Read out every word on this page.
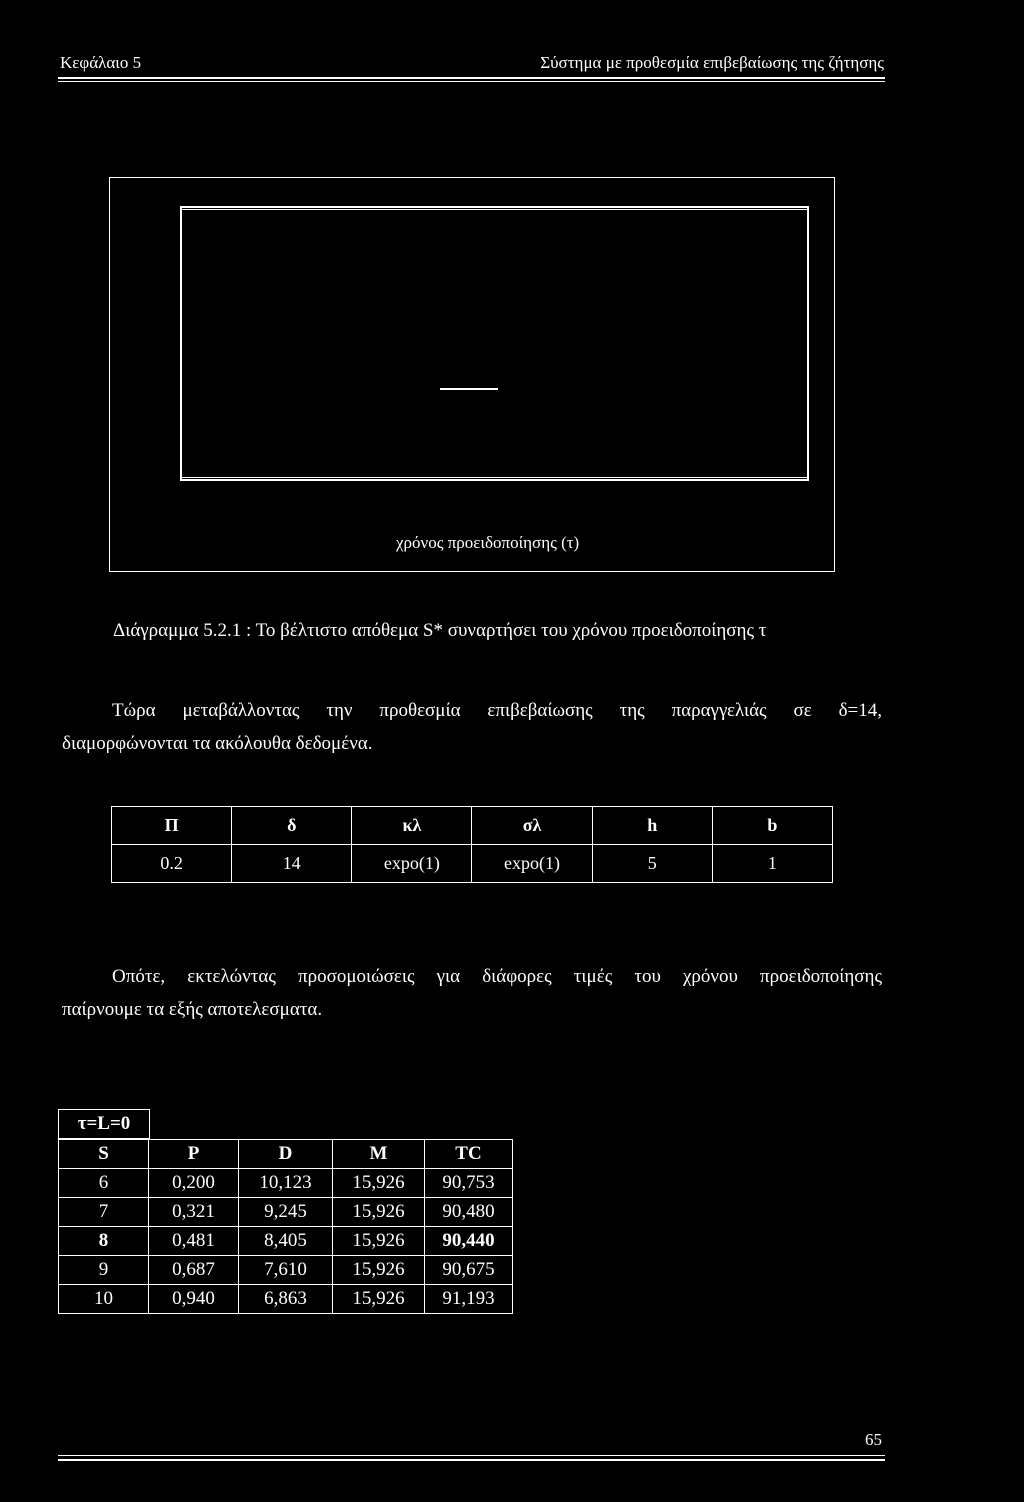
Κεφάλαιο 5	Σύστημα με προθεσμία επιβεβαίωσης της ζήτησης
χρόνος προειδοποίησης (τ)
Διάγραμμα 5.2.1 : Το βέλτιστο απόθεμα S* συναρτήσει του χρόνου προειδοποίησης τ
Τώρα μεταβάλλοντας την προθεσμία επιβεβαίωσης της παραγγελιάς σε δ=14,
διαμορφώνονται τα ακόλουθα δεδομένα.
Π	δ	κλ	σλ	h	b
0.2	14	expo(1)	expo(1)	5	1
Οπότε, εκτελώντας προσομοιώσεις για διάφορες τιμές του χρόνου προειδοποίησης
παίρνουμε τα εξής αποτελεσματα.
τ=L=0
S	P	D	M	TC
6	0,200	10,123	15,926	90,753
7	0,321	9,245	15,926	90,480
8	0,481	8,405	15,926	90,440
9	0,687	7,610	15,926	90,675
10	0,940	6,863	15,926	91,193
65
